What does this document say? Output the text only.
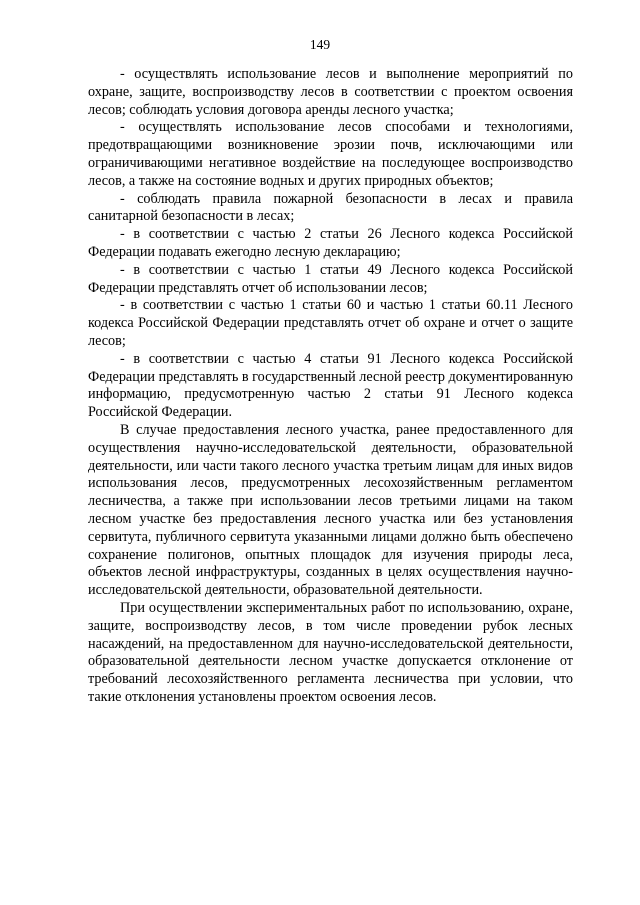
149

- осуществлять использование лесов и выполнение мероприятий по охране, защите, воспроизводству лесов в соответствии с проектом освоения лесов; соблюдать условия договора аренды лесного участка;

- осуществлять использование лесов способами и технологиями, предотвращающими возникновение эрозии почв, исключающими или ограничивающими негативное воздействие на последующее воспроизводство лесов, а также на состояние водных и других природных объектов;

- соблюдать правила пожарной безопасности в лесах и правила санитарной безопасности в лесах;

- в соответствии с частью 2 статьи 26 Лесного кодекса Российской Федерации подавать ежегодно лесную декларацию;

- в соответствии с частью 1 статьи 49 Лесного кодекса Российской Федерации представлять отчет об использовании лесов;

- в соответствии с частью 1 статьи 60 и частью 1 статьи 60.11 Лесного кодекса Российской Федерации представлять отчет об охране и отчет о защите лесов;

- в соответствии с частью 4 статьи 91 Лесного кодекса Российской Федерации представлять в государственный лесной реестр документированную информацию, предусмотренную частью 2 статьи 91 Лесного кодекса Российской Федерации.

В случае предоставления лесного участка, ранее предоставленного для осуществления научно-исследовательской деятельности, образовательной деятельности, или части такого лесного участка третьим лицам для иных видов использования лесов, предусмотренных лесохозяйственным регламентом лесничества, а также при использовании лесов третьими лицами на таком лесном участке без предоставления лесного участка или без установления сервитута, публичного сервитута указанными лицами должно быть обеспечено сохранение полигонов, опытных площадок для изучения природы леса, объектов лесной инфраструктуры, созданных в целях осуществления научно-исследовательской деятельности, образовательной деятельности.

При осуществлении экспериментальных работ по использованию, охране, защите, воспроизводству лесов, в том числе проведении рубок лесных насаждений, на предоставленном для научно-исследовательской деятельности, образовательной деятельности лесном участке допускается отклонение от требований лесохозяйственного регламента лесничества при условии, что такие отклонения установлены проектом освоения лесов.
